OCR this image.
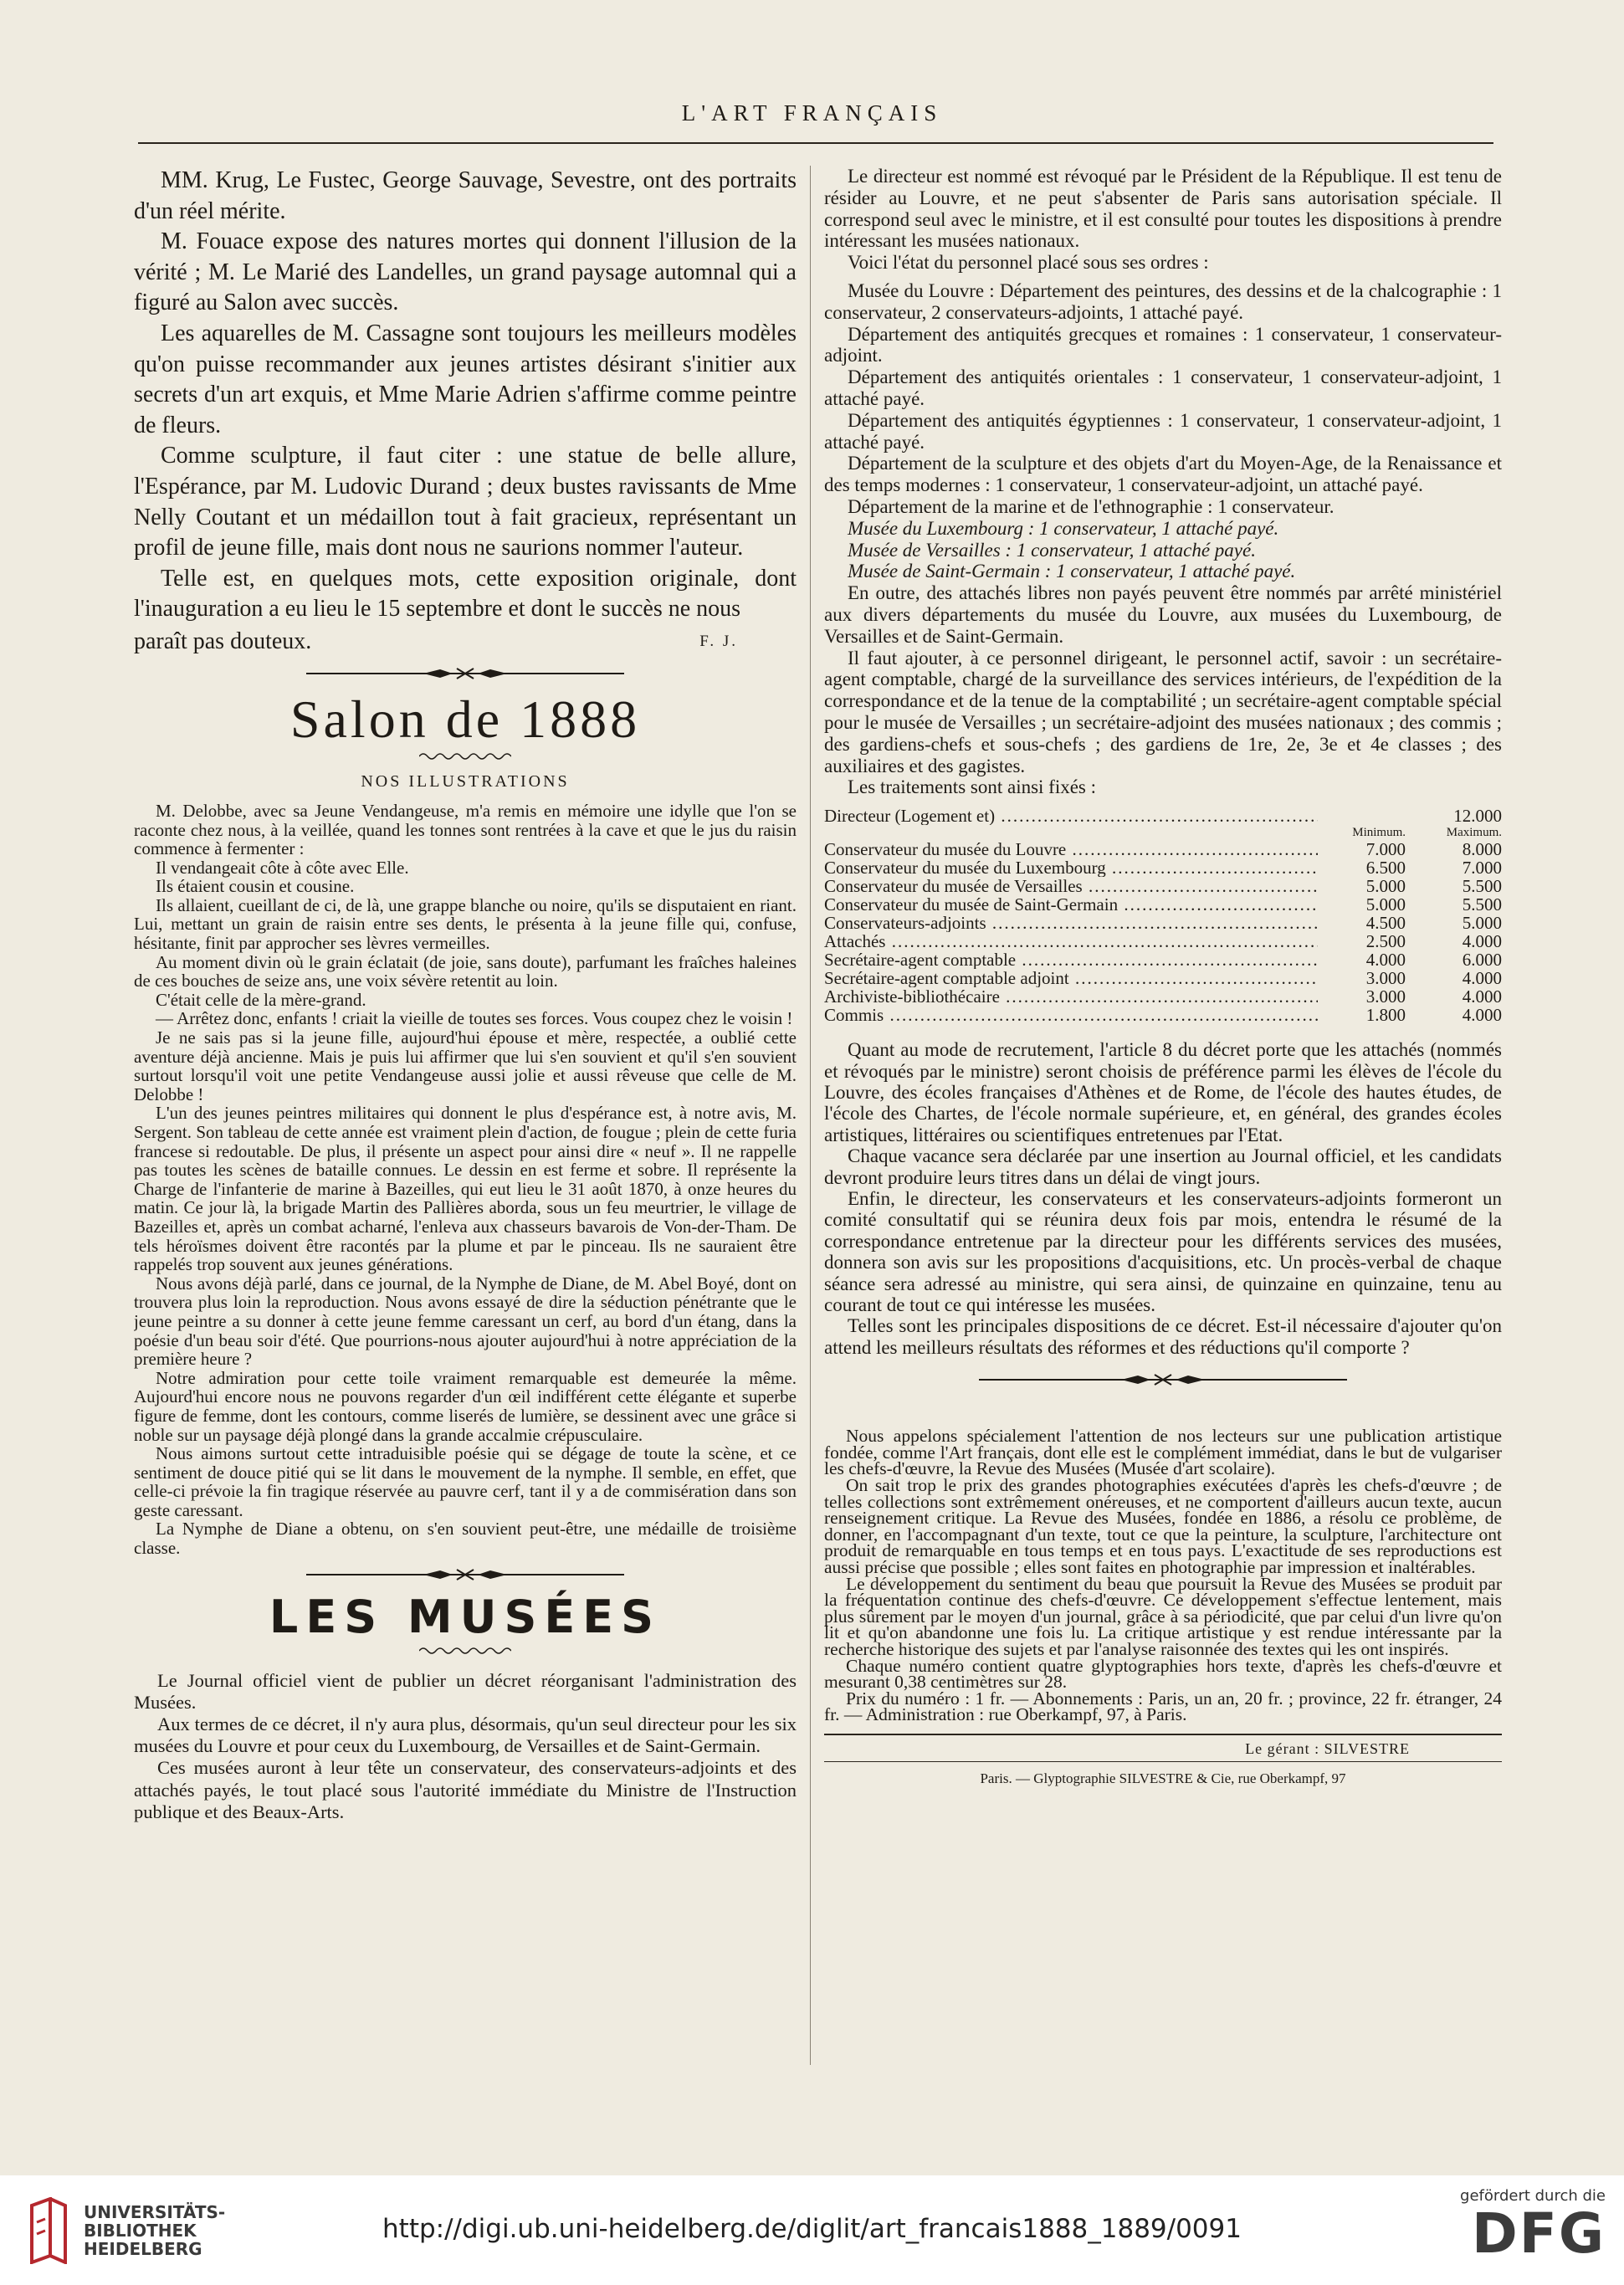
L'ART FRANÇAIS

MM. Krug, Le Fustec, George Sauvage, Sevestre, ont des portraits d'un réel mérite.

M. Fouace expose des natures mortes qui donnent l'illusion de la vérité ; M. Le Marié des Landelles, un grand paysage automnal qui a figuré au Salon avec succès.

Les aquarelles de M. Cassagne sont toujours les meilleurs modèles qu'on puisse recommander aux jeunes artistes désirant s'initier aux secrets d'un art exquis, et Mme Marie Adrien s'affirme comme peintre de fleurs.

Comme sculpture, il faut citer : une statue de belle allure, l'Espérance, par M. Ludovic Durand ; deux bustes ravissants de Mme Nelly Coutant et un médaillon tout à fait gracieux, représentant un profil de jeune fille, mais dont nous ne saurions nommer l'auteur.

Telle est, en quelques mots, cette exposition originale, dont l'inauguration a eu lieu le 15 septembre et dont le succès ne nous

paraît pas douteux.	F. J.
Salon de 1888
NOS ILLUSTRATIONS

M. Delobbe, avec sa Jeune Vendangeuse, m'a remis en mémoire une idylle que l'on se raconte chez nous, à la veillée, quand les tonnes sont rentrées à la cave et que le jus du raisin commence à fermenter :

Il vendangeait côte à côte avec Elle.

Ils étaient cousin et cousine.

Ils allaient, cueillant de ci, de là, une grappe blanche ou noire, qu'ils se disputaient en riant. Lui, mettant un grain de raisin entre ses dents, le présenta à la jeune fille qui, confuse, hésitante, finit par approcher ses lèvres vermeilles.

Au moment divin où le grain éclatait (de joie, sans doute), parfumant les fraîches haleines de ces bouches de seize ans, une voix sévère retentit au loin.

C'était celle de la mère-grand.

— Arrêtez donc, enfants ! criait la vieille de toutes ses forces. Vous coupez chez le voisin !

Je ne sais pas si la jeune fille, aujourd'hui épouse et mère, respectée, a oublié cette aventure déjà ancienne. Mais je puis lui affirmer que lui s'en souvient et qu'il s'en souvient surtout lorsqu'il voit une petite Vendangeuse aussi jolie et aussi rêveuse que celle de M. Delobbe !

L'un des jeunes peintres militaires qui donnent le plus d'espérance est, à notre avis, M. Sergent. Son tableau de cette année est vraiment plein d'action, de fougue ; plein de cette furia francese si redoutable. De plus, il présente un aspect pour ainsi dire « neuf ». Il ne rappelle pas toutes les scènes de bataille connues. Le dessin en est ferme et sobre. Il représente la Charge de l'infanterie de marine à Bazeilles, qui eut lieu le 31 août 1870, à onze heures du matin. Ce jour là, la brigade Martin des Pallières aborda, sous un feu meurtrier, le village de Bazeilles et, après un combat acharné, l'enleva aux chasseurs bavarois de Von-der-Tham. De tels héroïsmes doivent être racontés par la plume et par le pinceau. Ils ne sauraient être rappelés trop souvent aux jeunes générations.

Nous avons déjà parlé, dans ce journal, de la Nymphe de Diane, de M. Abel Boyé, dont on trouvera plus loin la reproduction. Nous avons essayé de dire la séduction pénétrante que le jeune peintre a su donner à cette jeune femme caressant un cerf, au bord d'un étang, dans la poésie d'un beau soir d'été. Que pourrions-nous ajouter aujourd'hui à notre appréciation de la première heure ?

Notre admiration pour cette toile vraiment remarquable est demeurée la même. Aujourd'hui encore nous ne pouvons regarder d'un œil indifférent cette élégante et superbe figure de femme, dont les contours, comme liserés de lumière, se dessinent avec une grâce si noble sur un paysage déjà plongé dans la grande accalmie crépusculaire.

Nous aimons surtout cette intraduisible poésie qui se dégage de toute la scène, et ce sentiment de douce pitié qui se lit dans le mouvement de la nymphe. Il semble, en effet, que celle-ci prévoie la fin tragique réservée au pauvre cerf, tant il y a de commisération dans son geste caressant.

La Nymphe de Diane a obtenu, on s'en souvient peut-être, une médaille de troisième classe.

LES MUSÉES

Le Journal officiel vient de publier un décret réorganisant l'administration des Musées.

Aux termes de ce décret, il n'y aura plus, désormais, qu'un seul directeur pour les six musées du Louvre et pour ceux du Luxembourg, de Versailles et de Saint-Germain.

Ces musées auront à leur tête un conservateur, des conservateurs-adjoints et des attachés payés, le tout placé sous l'autorité immédiate du Ministre de l'Instruction publique et des Beaux-Arts.

Le directeur est nommé est révoqué par le Président de la République. Il est tenu de résider au Louvre, et ne peut s'absenter de Paris sans autorisation spéciale. Il correspond seul avec le ministre, et il est consulté pour toutes les dispositions à prendre intéressant les musées nationaux.

Voici l'état du personnel placé sous ses ordres :

Musée du Louvre : Département des peintures, des dessins et de la chalcographie : 1 conservateur, 2 conservateurs-adjoints, 1 attaché payé.

Département des antiquités grecques et romaines : 1 conservateur, 1 conservateur-adjoint.

Département des antiquités orientales : 1 conservateur, 1 conservateur-adjoint, 1 attaché payé.

Département des antiquités égyptiennes : 1 conservateur, 1 conservateur-adjoint, 1 attaché payé.

Département de la sculpture et des objets d'art du Moyen-Age, de la Renaissance et des temps modernes : 1 conservateur, 1 conservateur-adjoint, un attaché payé.

Département de la marine et de l'ethnographie : 1 conservateur.

Musée du Luxembourg : 1 conservateur, 1 attaché payé.

Musée de Versailles : 1 conservateur, 1 attaché payé.

Musée de Saint-Germain : 1 conservateur, 1 attaché payé.

En outre, des attachés libres non payés peuvent être nommés par arrêté ministériel aux divers départements du musée du Louvre, aux musées du Luxembourg, de Versailles et de Saint-Germain.

Il faut ajouter, à ce personnel dirigeant, le personnel actif, savoir : un secrétaire-agent comptable, chargé de la surveillance des services intérieurs, de l'expédition de la correspondance et de la tenue de la comptabilité ; un secrétaire-agent comptable spécial pour le musée de Versailles ; un secrétaire-adjoint des musées nationaux ; des commis ; des gardiens-chefs et sous-chefs ; des gardiens de 1re, 2e, 3e et 4e classes ; des auxiliaires et des gagistes.

Les traitements sont ainsi fixés :

Directeur (Logement et) .....		12.000
	Minimum.	Maximum.
Conservateur du musée du Louvre .....	7.000	8.000
Conservateur du musée du Luxembourg .....	6.500	7.000
Conservateur du musée de Versailles .....	5.000	5.500
Conservateur du musée de Saint-Germain .....	5.000	5.500
Conservateurs-adjoints .....	4.500	5.000
Attachés .....	2.500	4.000
Secrétaire-agent comptable .....	4.000	6.000
Secrétaire-agent comptable adjoint .....	3.000	4.000
Archiviste-bibliothécaire .....	3.000	4.000
Commis .....	1.800	4.000

Quant au mode de recrutement, l'article 8 du décret porte que les attachés (nommés et révoqués par le ministre) seront choisis de préférence parmi les élèves de l'école du Louvre, des écoles françaises d'Athènes et de Rome, de l'école des hautes études, de l'école des Chartes, de l'école normale supérieure, et, en général, des grandes écoles artistiques, littéraires ou scientifiques entretenues par l'Etat.

Chaque vacance sera déclarée par une insertion au Journal officiel, et les candidats devront produire leurs titres dans un délai de vingt jours.

Enfin, le directeur, les conservateurs et les conservateurs-adjoints formeront un comité consultatif qui se réunira deux fois par mois, entendra le résumé de la correspondance entretenue par la directeur pour les différents services des musées, donnera son avis sur les propositions d'acquisitions, etc. Un procès-verbal de chaque séance sera adressé au ministre, qui sera ainsi, de quinzaine en quinzaine, tenu au courant de tout ce qui intéresse les musées.

Telles sont les principales dispositions de ce décret. Est-il nécessaire d'ajouter qu'on attend les meilleurs résultats des réformes et des réductions qu'il comporte ?

Nous appelons spécialement l'attention de nos lecteurs sur une publication artistique fondée, comme l'Art français, dont elle est le complément immédiat, dans le but de vulgariser les chefs-d'œuvre, la Revue des Musées (Musée d'art scolaire).

On sait trop le prix des grandes photographies exécutées d'après les chefs-d'œuvre ; de telles collections sont extrêmement onéreuses, et ne comportent d'ailleurs aucun texte, aucun renseignement critique. La Revue des Musées, fondée en 1886, a résolu ce problème, de donner, en l'accompagnant d'un texte, tout ce que la peinture, la sculpture, l'architecture ont produit de remarquable en tous temps et en tous pays. L'exactitude de ses reproductions est aussi précise que possible ; elles sont faites en photographie par impression et inaltérables.

Le développement du sentiment du beau que poursuit la Revue des Musées se produit par la fréquentation continue des chefs-d'œuvre. Ce développement s'effectue lentement, mais plus sûrement par le moyen d'un journal, grâce à sa périodicité, que par celui d'un livre qu'on lit et qu'on abandonne une fois lu. La critique artistique y est rendue intéressante par la recherche historique des sujets et par l'analyse raisonnée des textes qui les ont inspirés.

Chaque numéro contient quatre glyptographies hors texte, d'après les chefs-d'œuvre et mesurant 0,38 centimètres sur 28.

Prix du numéro : 1 fr. — Abonnements : Paris, un an, 20 fr. ; province, 22 fr. étranger, 24 fr. — Administration : rue Oberkampf, 97, à Paris.

Le gérant : SILVESTRE
Paris. — Glyptographie SILVESTRE & Cie, rue Oberkampf, 97
UNIVERSITÄTS-
BIBLIOTHEK
HEIDELBERG
http://digi.ub.uni-heidelberg.de/diglit/art_francais1888_1889/0091
gefördert durch die
DFG
